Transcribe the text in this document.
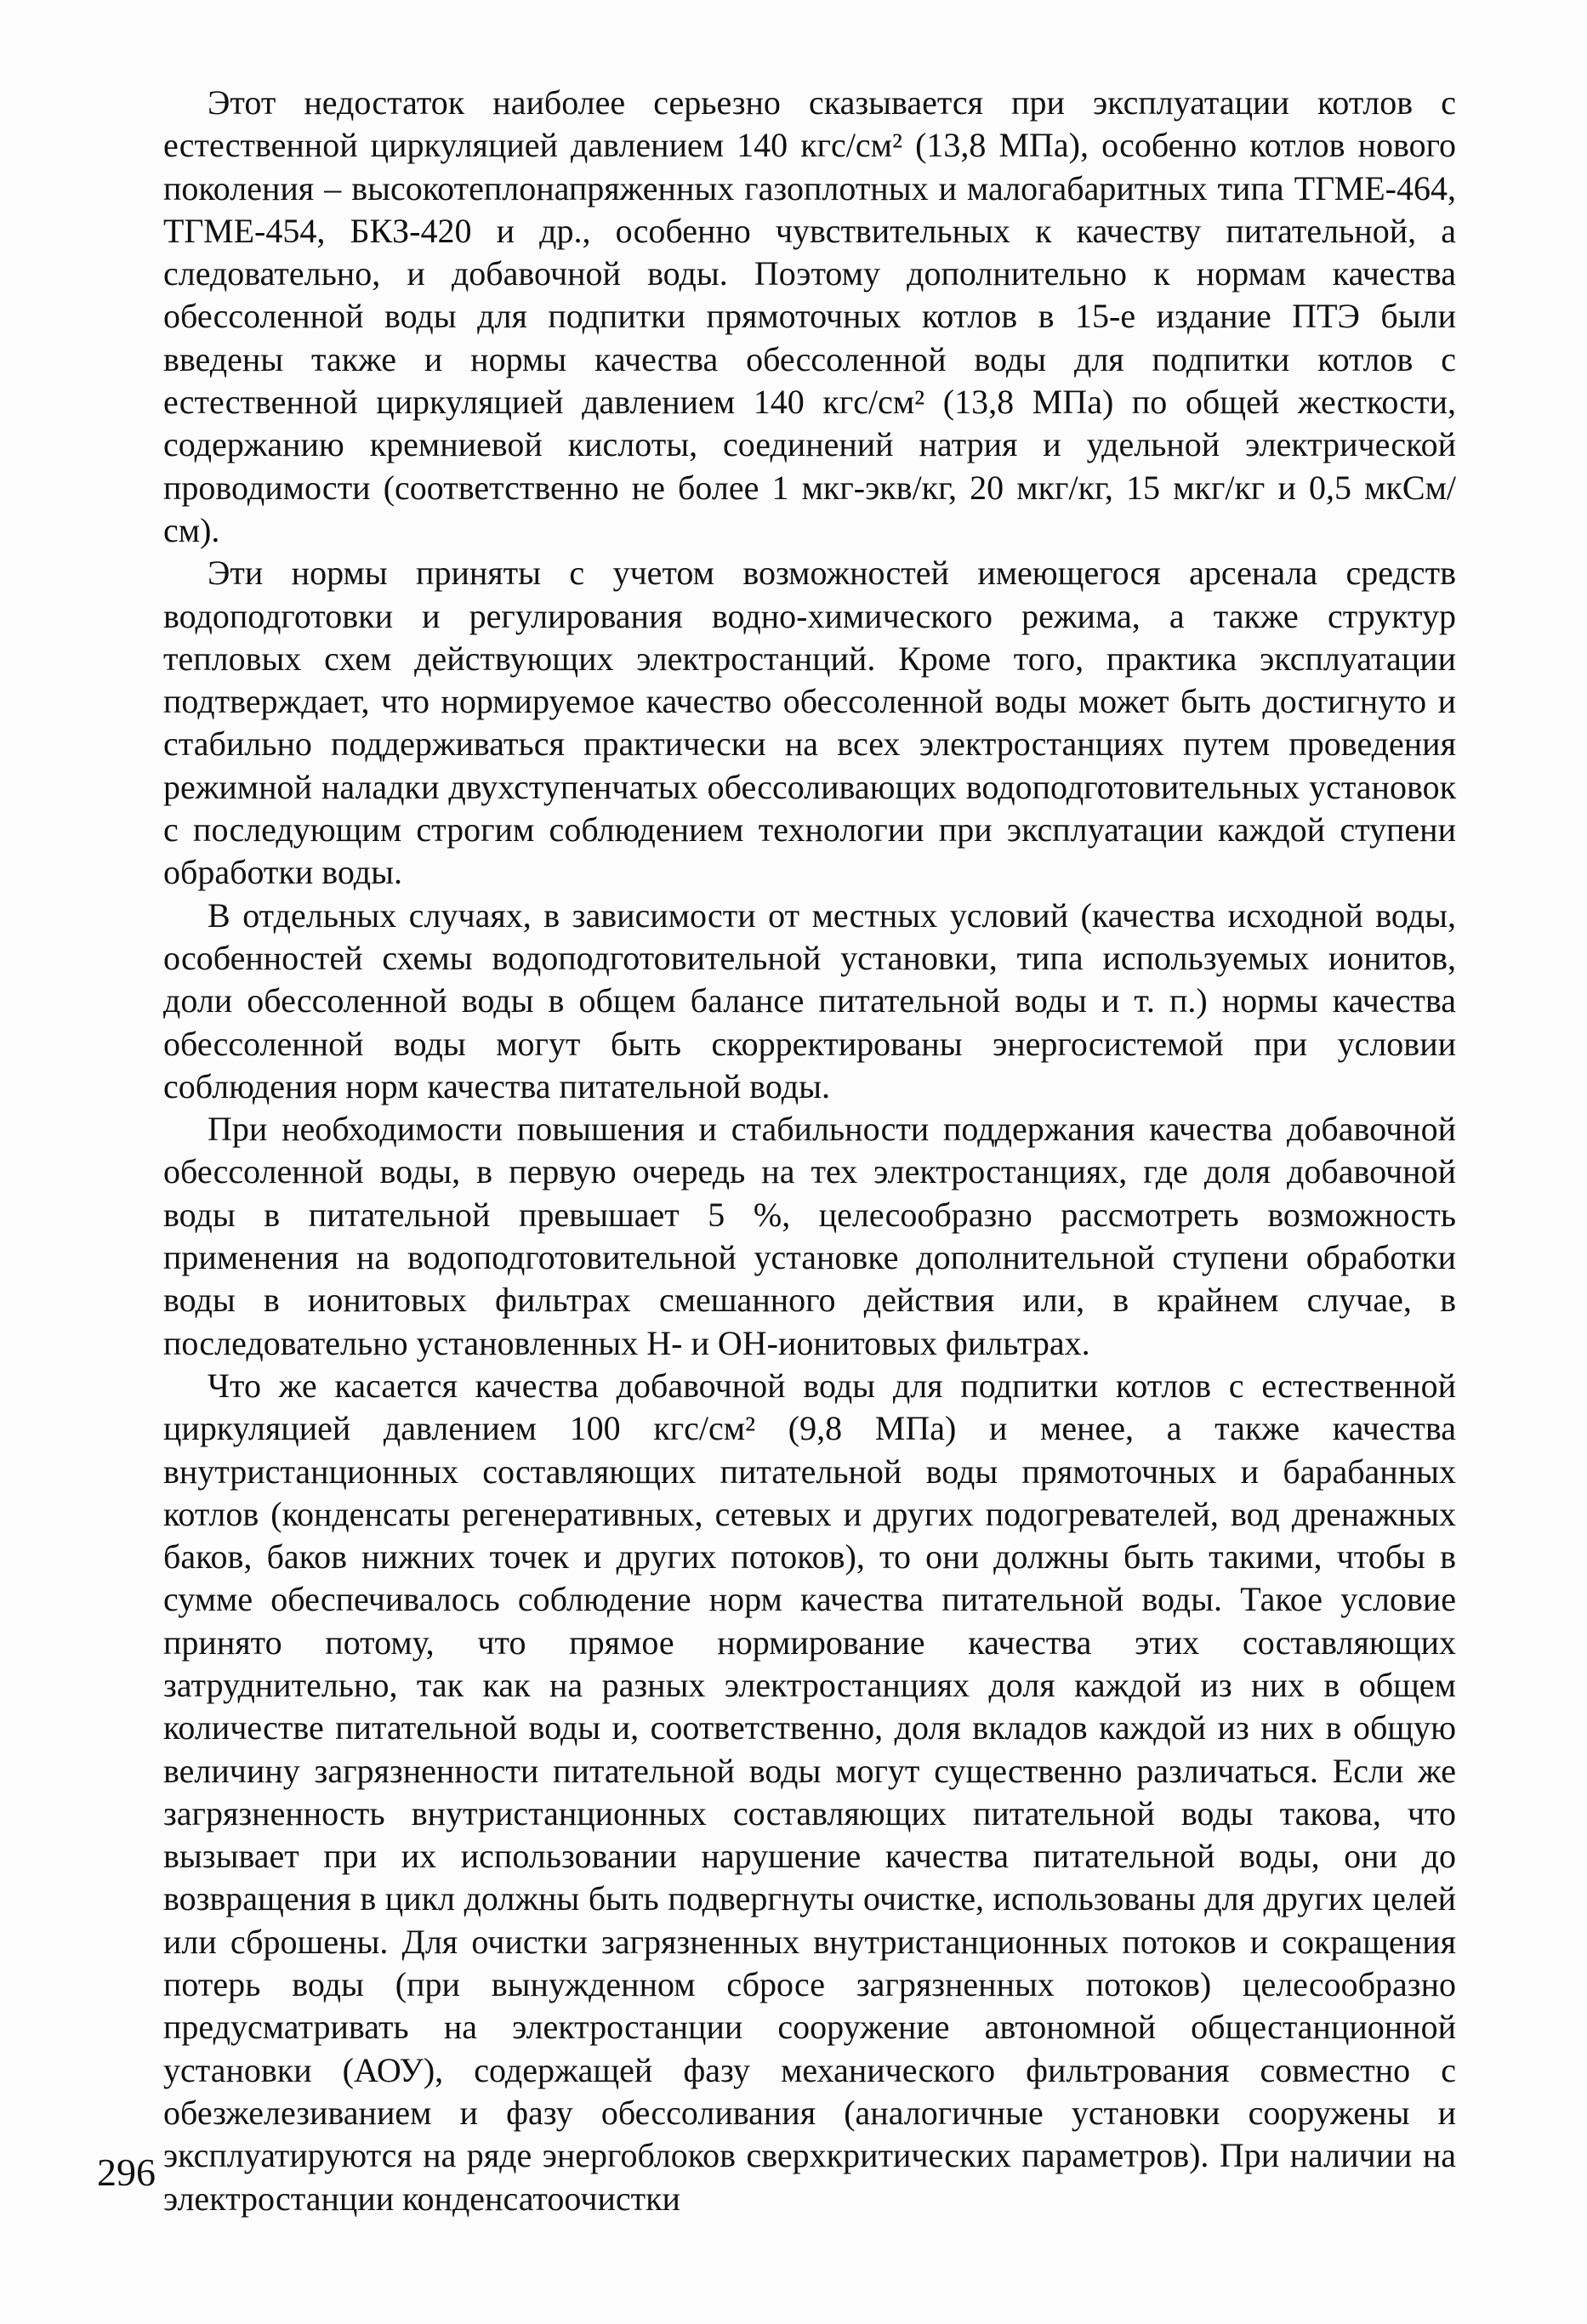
Этот недостаток наиболее серьезно сказывается при эксплуатации котлов с естественной циркуляцией давлением 140 кгс/см² (13,8 МПа), особенно котлов нового поколения – высокотеплонапряженных газоплотных и малогабаритных типа ТГМЕ-464, ТГМЕ-454, БКЗ-420 и др., особенно чувствительных к качеству питательной, а следовательно, и добавочной воды. Поэтому дополнительно к нормам качества обессоленной воды для подпитки прямоточных котлов в 15-е издание ПТЭ были введены также и нормы качества обессоленной воды для подпитки котлов с естественной циркуляцией давлением 140 кгс/см² (13,8 МПа) по общей жесткости, содержанию кремниевой кислоты, соединений натрия и удельной электрической проводимости (соответственно не более 1 мкг-экв/кг, 20 мкг/кг, 15 мкг/кг и 0,5 мкСм/см).

Эти нормы приняты с учетом возможностей имеющегося арсенала средств водоподготовки и регулирования водно-химического режима, а также структур тепловых схем действующих электростанций. Кроме того, практика эксплуатации подтверждает, что нормируемое качество обессоленной воды может быть достигнуто и стабильно поддерживаться практически на всех электростанциях путем проведения режимной наладки двухступенчатых обессоливающих водоподготовительных установок с последующим строгим соблюдением технологии при эксплуатации каждой ступени обработки воды.

В отдельных случаях, в зависимости от местных условий (качества исходной воды, особенностей схемы водоподготовительной установки, типа используемых ионитов, доли обессоленной воды в общем балансе питательной воды и т. п.) нормы качества обессоленной воды могут быть скорректированы энергосистемой при условии соблюдения норм качества питательной воды.

При необходимости повышения и стабильности поддержания качества добавочной обессоленной воды, в первую очередь на тех электростанциях, где доля добавочной воды в питательной превышает 5 %, целесообразно рассмотреть возможность применения на водоподготовительной установке дополнительной ступени обработки воды в ионитовых фильтрах смешанного действия или, в крайнем случае, в последовательно установленных Н- и ОН-ионитовых фильтрах.

Что же касается качества добавочной воды для подпитки котлов с естественной циркуляцией давлением 100 кгс/см² (9,8 МПа) и менее, а также качества внутристанционных составляющих питательной воды прямоточных и барабанных котлов (конденсаты регенеративных, сетевых и других подогревателей, вод дренажных баков, баков нижних точек и других потоков), то они должны быть такими, чтобы в сумме обеспечивалось соблюдение норм качества питательной воды. Такое условие принято потому, что прямое нормирование качества этих составляющих затруднительно, так как на разных электростанциях доля каждой из них в общем количестве питательной воды и, соответственно, доля вкладов каждой из них в общую величину загрязненности питательной воды могут существенно различаться. Если же загрязненность внутристанционных составляющих питательной воды такова, что вызывает при их использовании нарушение качества питательной воды, они до возвращения в цикл должны быть подвергнуты очистке, использованы для других целей или сброшены. Для очистки загрязненных внутристанционных потоков и сокращения потерь воды (при вынужденном сбросе загрязненных потоков) целесообразно предусматривать на электростанции сооружение автономной общестанционной установки (АОУ), содержащей фазу механического фильтрования совместно с обезжелезиванием и фазу обессоливания (аналогичные установки сооружены и эксплуатируются на ряде энергоблоков сверхкритических параметров). При наличии на электростанции конденсатоочистки

296
